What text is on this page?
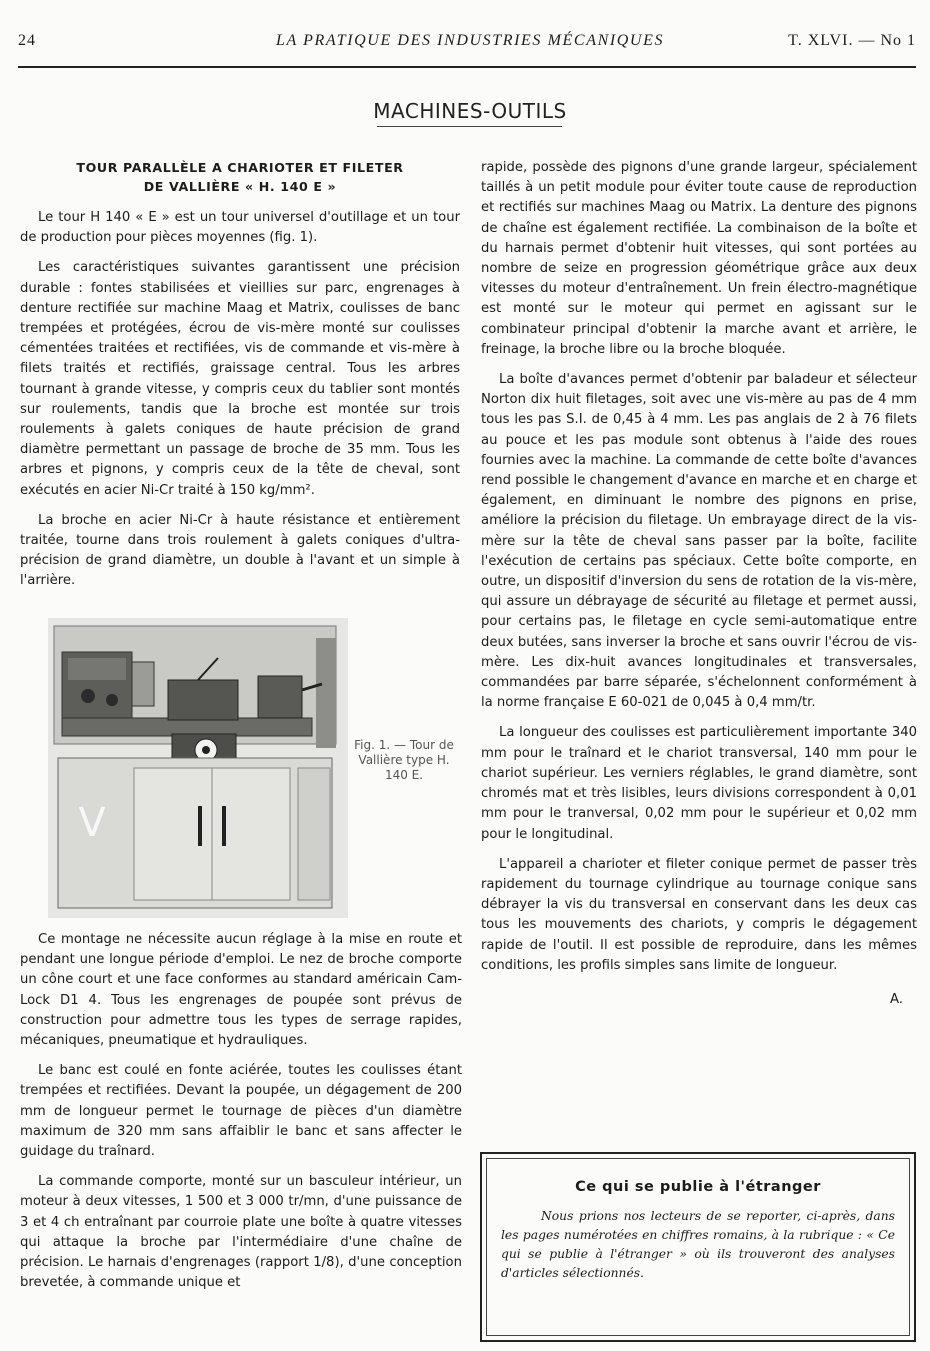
24	LA PRATIQUE DES INDUSTRIES MÉCANIQUES	T. XLVI. — No 1
MACHINES-OUTILS
TOUR PARALLÈLE A CHARIOTER ET FILETER
DE VALLIÈRE « H. 140 E »

Le tour H 140 « E » est un tour universel d'outillage et un tour de production pour pièces moyennes (fig. 1).

Les caractéristiques suivantes garantissent une précision durable : fontes stabilisées et vieillies sur parc, engrenages à denture rectifiée sur machine Maag et Matrix, coulisses de banc trempées et protégées, écrou de vis-mère monté sur coulisses cémentées traitées et rectifiées, vis de commande et vis-mère à filets traités et rectifiés, graissage central. Tous les arbres tournant à grande vitesse, y compris ceux du tablier sont montés sur roulements, tandis que la broche est montée sur trois roulements à galets coniques de haute précision de grand diamètre permettant un passage de broche de 35 mm. Tous les arbres et pignons, y compris ceux de la tête de cheval, sont exécutés en acier Ni-Cr traité à 150 kg/mm².

La broche en acier Ni-Cr à haute résistance et entièrement traitée, tourne dans trois roulement à galets coniques d'ultra-précision de grand diamètre, un double à l'avant et un simple à l'arrière.

V
Fig. 1. — Tour de Vallière type H. 140 E.

Ce montage ne nécessite aucun réglage à la mise en route et pendant une longue période d'emploi. Le nez de broche comporte un cône court et une face conformes au standard américain Cam-Lock D1 4. Tous les engrenages de poupée sont prévus de construction pour admettre tous les types de serrage rapides, mécaniques, pneumatique et hydrauliques.

Le banc est coulé en fonte aciérée, toutes les coulisses étant trempées et rectifiées. Devant la poupée, un dégagement de 200 mm de longueur permet le tournage de pièces d'un diamètre maximum de 320 mm sans affaiblir le banc et sans affecter le guidage du traînard.

La commande comporte, monté sur un basculeur intérieur, un moteur à deux vitesses, 1 500 et 3 000 tr/mn, d'une puissance de 3 et 4 ch entraînant par courroie plate une boîte à quatre vitesses qui attaque la broche par l'intermédiaire d'une chaîne de précision. Le harnais d'engrenages (rapport 1/8), d'une conception brevetée, à commande unique et

rapide, possède des pignons d'une grande largeur, spécialement taillés à un petit module pour éviter toute cause de reproduction et rectifiés sur machines Maag ou Matrix. La denture des pignons de chaîne est également rectifiée. La combinaison de la boîte et du harnais permet d'obtenir huit vitesses, qui sont portées au nombre de seize en progression géométrique grâce aux deux vitesses du moteur d'entraînement. Un frein électro-magnétique est monté sur le moteur qui permet en agissant sur le combinateur principal d'obtenir la marche avant et arrière, le freinage, la broche libre ou la broche bloquée.

La boîte d'avances permet d'obtenir par baladeur et sélecteur Norton dix huit filetages, soit avec une vis-mère au pas de 4 mm tous les pas S.I. de 0,45 à 4 mm. Les pas anglais de 2 à 76 filets au pouce et les pas module sont obtenus à l'aide des roues fournies avec la machine. La commande de cette boîte d'avances rend possible le changement d'avance en marche et en charge et également, en diminuant le nombre des pignons en prise, améliore la précision du filetage. Un embrayage direct de la vis-mère sur la tête de cheval sans passer par la boîte, facilite l'exécution de certains pas spéciaux. Cette boîte comporte, en outre, un dispositif d'inversion du sens de rotation de la vis-mère, qui assure un débrayage de sécurité au filetage et permet aussi, pour certains pas, le filetage en cycle semi-automatique entre deux butées, sans inverser la broche et sans ouvrir l'écrou de vis-mère. Les dix-huit avances longitudinales et transversales, commandées par barre séparée, s'échelonnent conformément à la norme française E 60-021 de 0,045 à 0,4 mm/tr.

La longueur des coulisses est particulièrement importante 340 mm pour le traînard et le chariot transversal, 140 mm pour le chariot supérieur. Les verniers réglables, le grand diamètre, sont chromés mat et très lisibles, leurs divisions correspondent à 0,01 mm pour le tranversal, 0,02 mm pour le supérieur et 0,02 mm pour le longitudinal.

L'appareil a charioter et fileter conique permet de passer très rapidement du tournage cylindrique au tournage conique sans débrayer la vis du transversal en conservant dans les deux cas tous les mouvements des chariots, y compris le dégagement rapide de l'outil. Il est possible de reproduire, dans les mêmes conditions, les profils simples sans limite de longueur.

A.
Ce qui se publie à l'étranger

Nous prions nos lecteurs de se reporter, ci-après, dans les pages numérotées en chiffres romains, à la rubrique : « Ce qui se publie à l'étranger » où ils trouveront des analyses d'articles sélectionnés.
